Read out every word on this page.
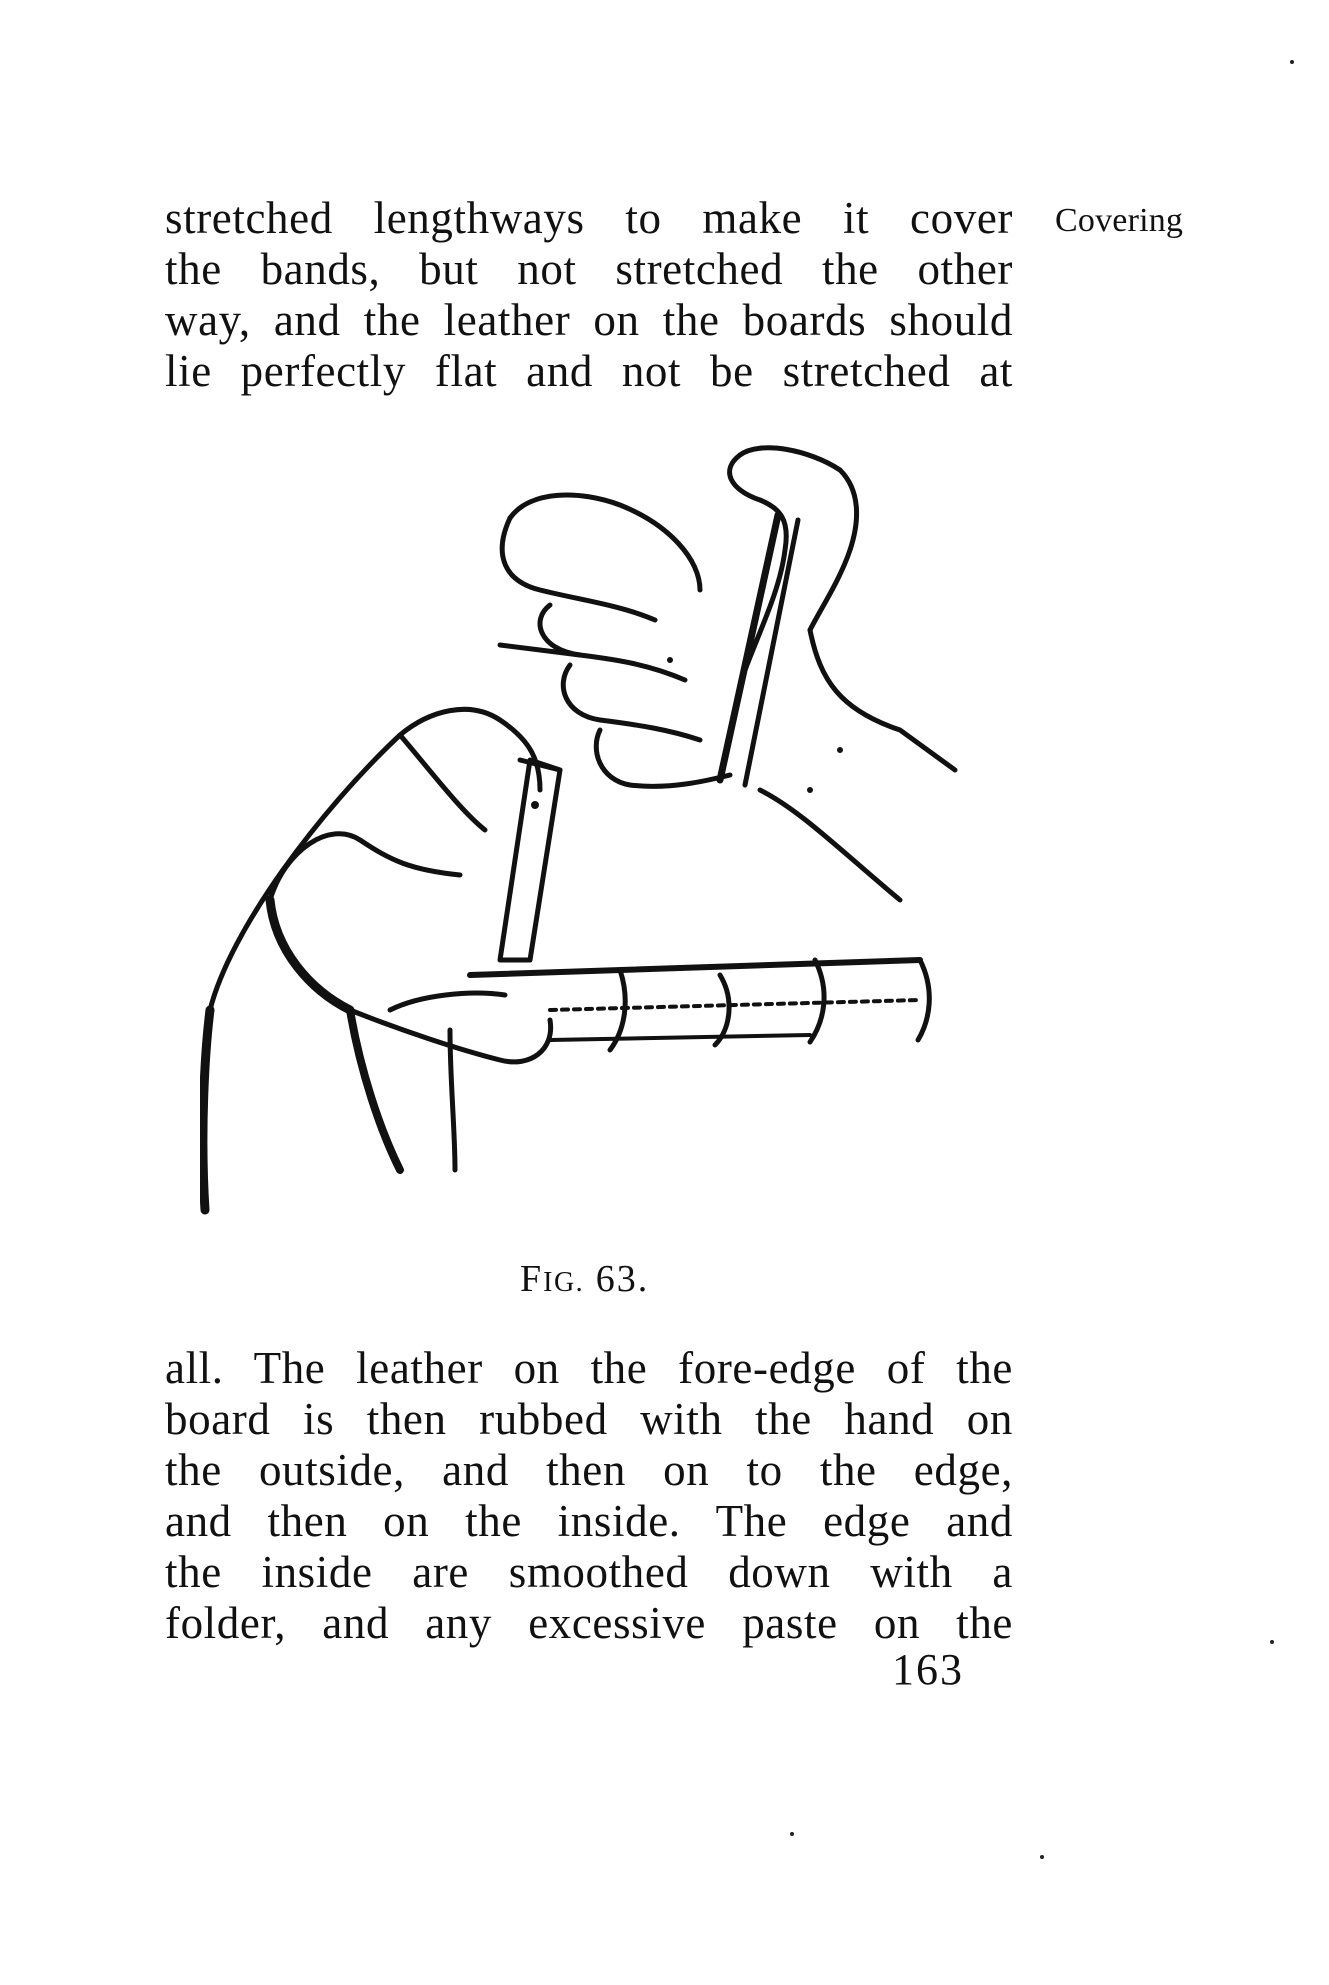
Covering
stretched lengthways to make it cover
the bands, but not stretched the other
way, and the leather on the boards should
lie perfectly flat and not be stretched at
FIG. 63.
all. The leather on the fore-edge of the
board is then rubbed with the hand on
the outside, and then on to the edge,
and then on the inside. The edge and
the inside are smoothed down with a
folder, and any excessive paste on the
163
